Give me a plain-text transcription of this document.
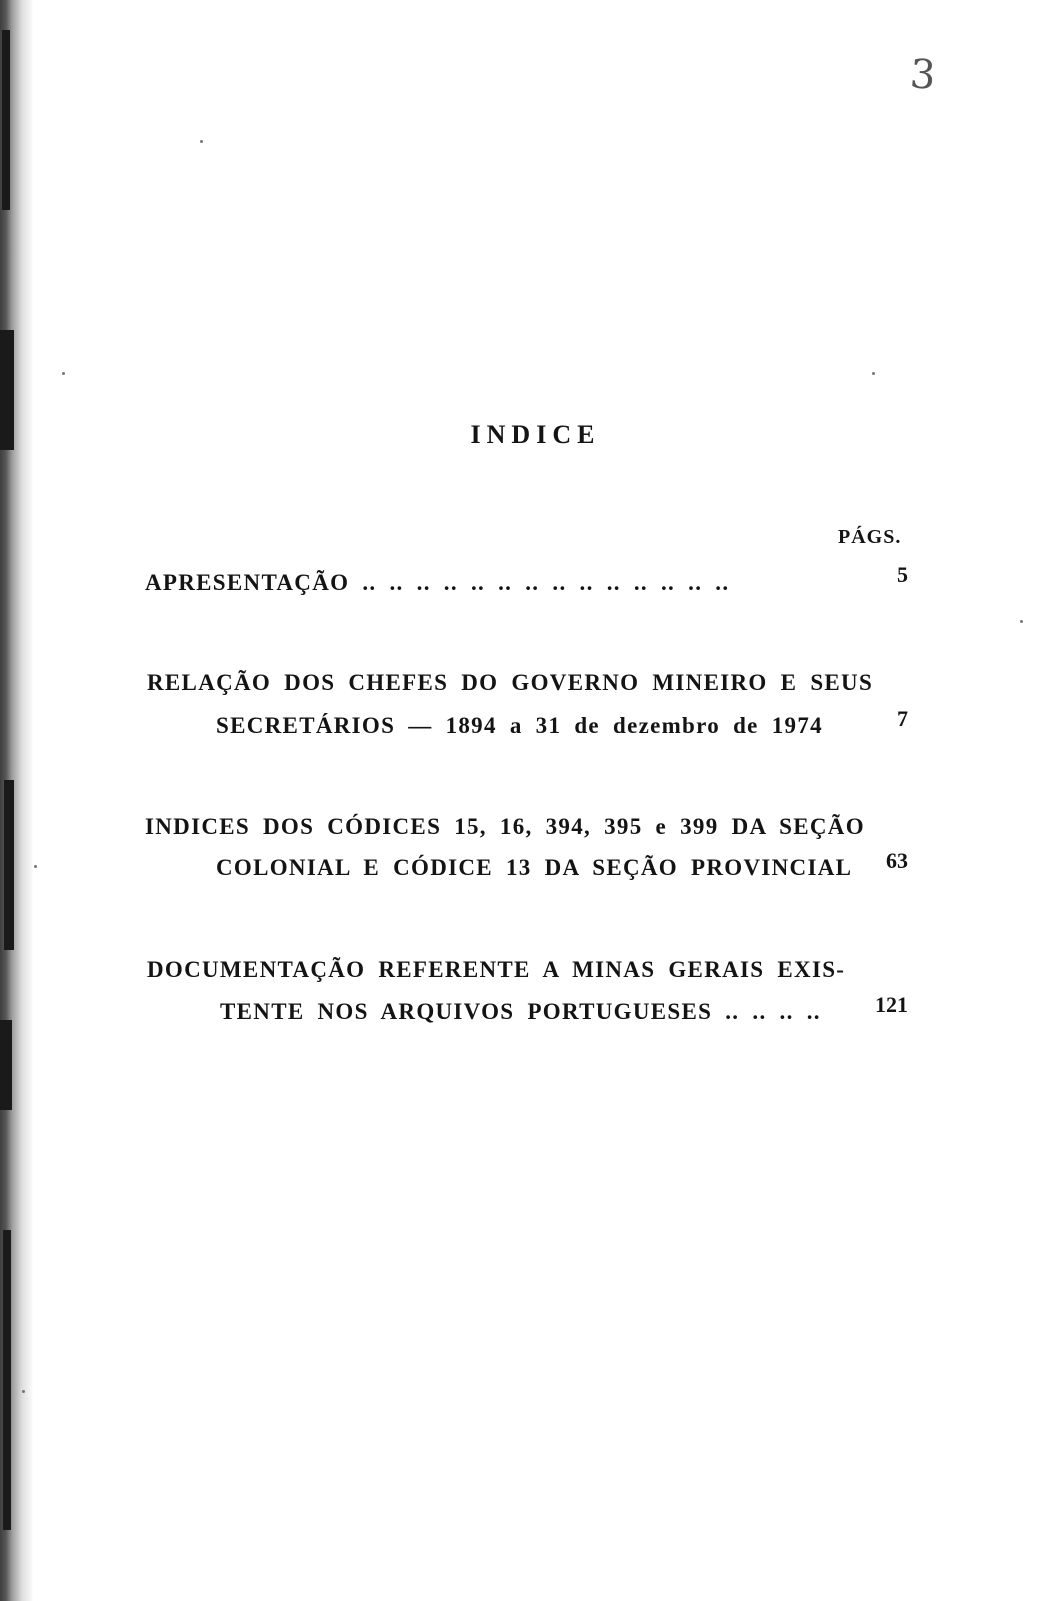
3
INDICE
PÁGS.
APRESENTAÇÃO .. .. .. .. .. .. .. .. .. .. .. .. .. ..	5
RELAÇÃO DOS CHEFES DO GOVERNO MINEIRO E SEUS
SECRETÁRIOS — 1894 a 31 de dezembro de 1974	7
INDICES DOS CÓDICES 15, 16, 394, 395 e 399 DA SEÇÃO
COLONIAL E CÓDICE 13 DA SEÇÃO PROVINCIAL	63
DOCUMENTAÇÃO REFERENTE A MINAS GERAIS EXIS-
TENTE NOS ARQUIVOS PORTUGUESES .. .. .. ..	121
